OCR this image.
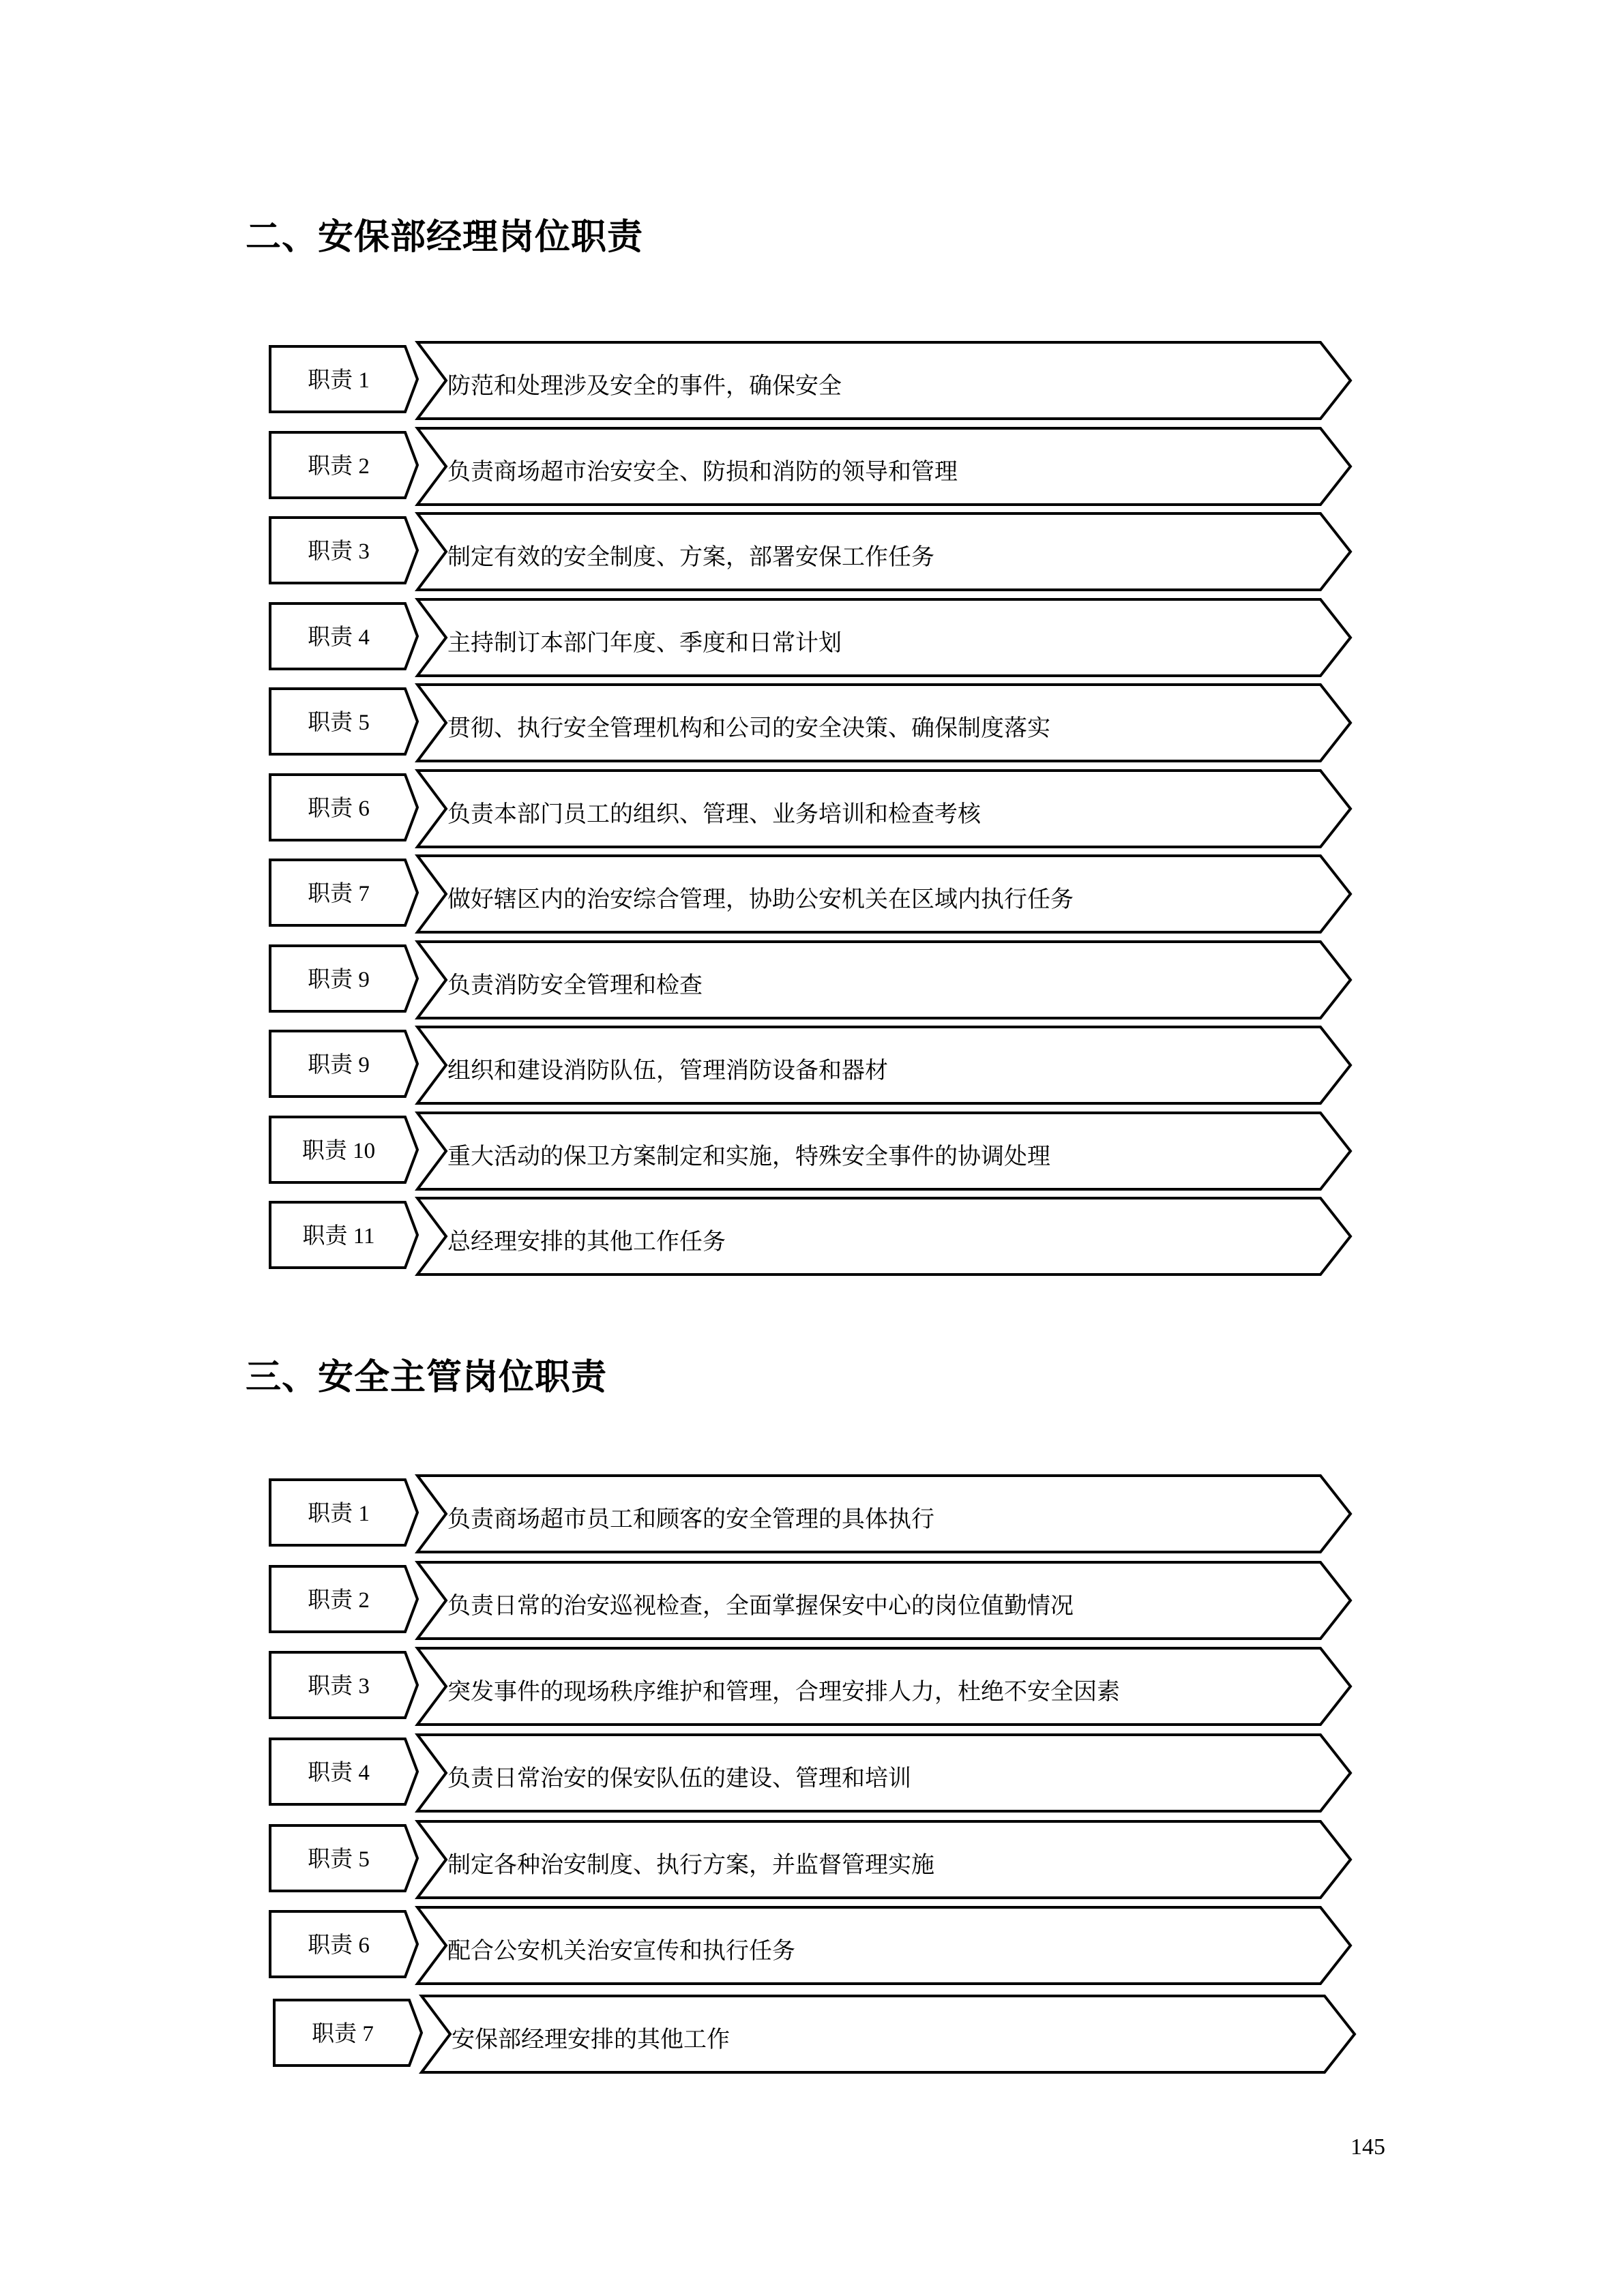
二、安保部经理岗位职责
职责 1	防范和处理涉及安全的事件，确保安全
职责 2	负责商场超市治安安全、防损和消防的领导和管理
职责 3	制定有效的安全制度、方案，部署安保工作任务
职责 4	主持制订本部门年度、季度和日常计划
职责 5	贯彻、执行安全管理机构和公司的安全决策、确保制度落实
职责 6	负责本部门员工的组织、管理、业务培训和检查考核
职责 7	做好辖区内的治安综合管理，协助公安机关在区域内执行任务
职责 9	负责消防安全管理和检查
职责 9	组织和建设消防队伍，管理消防设备和器材
职责 10	重大活动的保卫方案制定和实施，特殊安全事件的协调处理
职责 11	总经理安排的其他工作任务
三、安全主管岗位职责
职责 1	负责商场超市员工和顾客的安全管理的具体执行
职责 2	负责日常的治安巡视检查，全面掌握保安中心的岗位值勤情况
职责 3	突发事件的现场秩序维护和管理，合理安排人力，杜绝不安全因素
职责 4	负责日常治安的保安队伍的建设、管理和培训
职责 5	制定各种治安制度、执行方案，并监督管理实施
职责 6	配合公安机关治安宣传和执行任务
职责 7	安保部经理安排的其他工作
145
